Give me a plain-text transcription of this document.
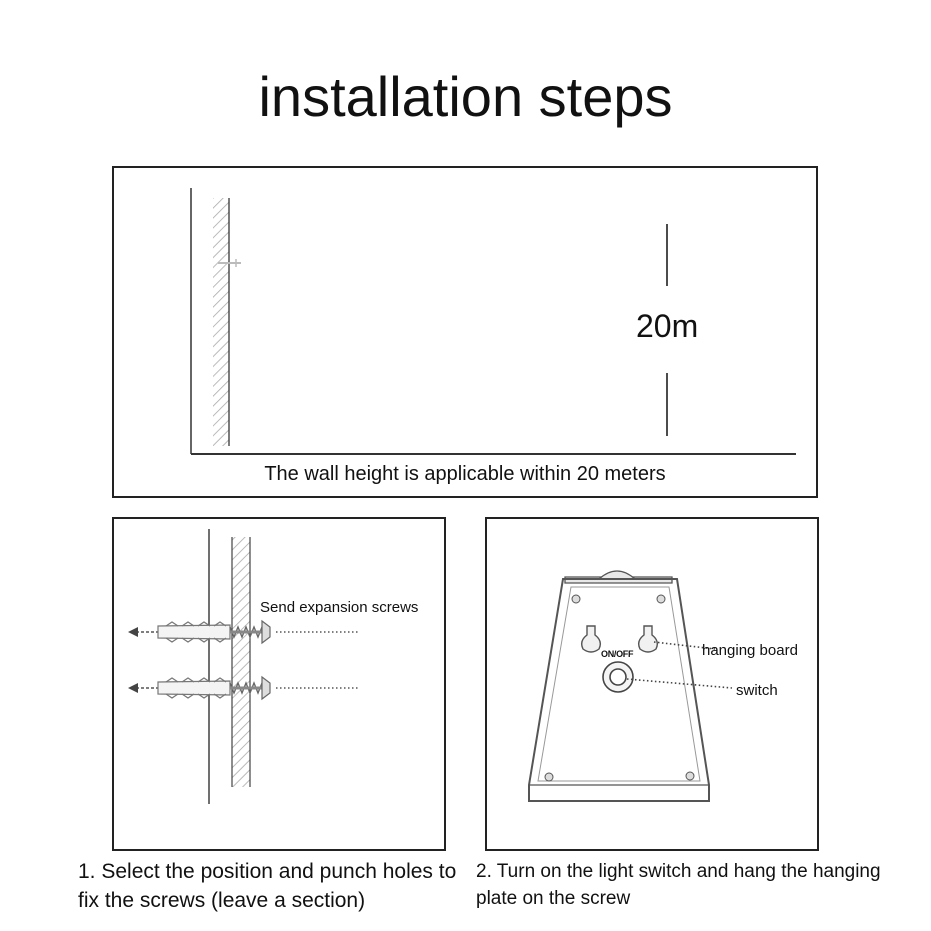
installation steps
20m
The wall height is applicable within 20 meters
Send expansion screws
ON/OFF	hanging board
switch
1. Select the position and punch holes to fix the screws (leave a section)
2. Turn on the light switch and hang the hanging plate on the screw
